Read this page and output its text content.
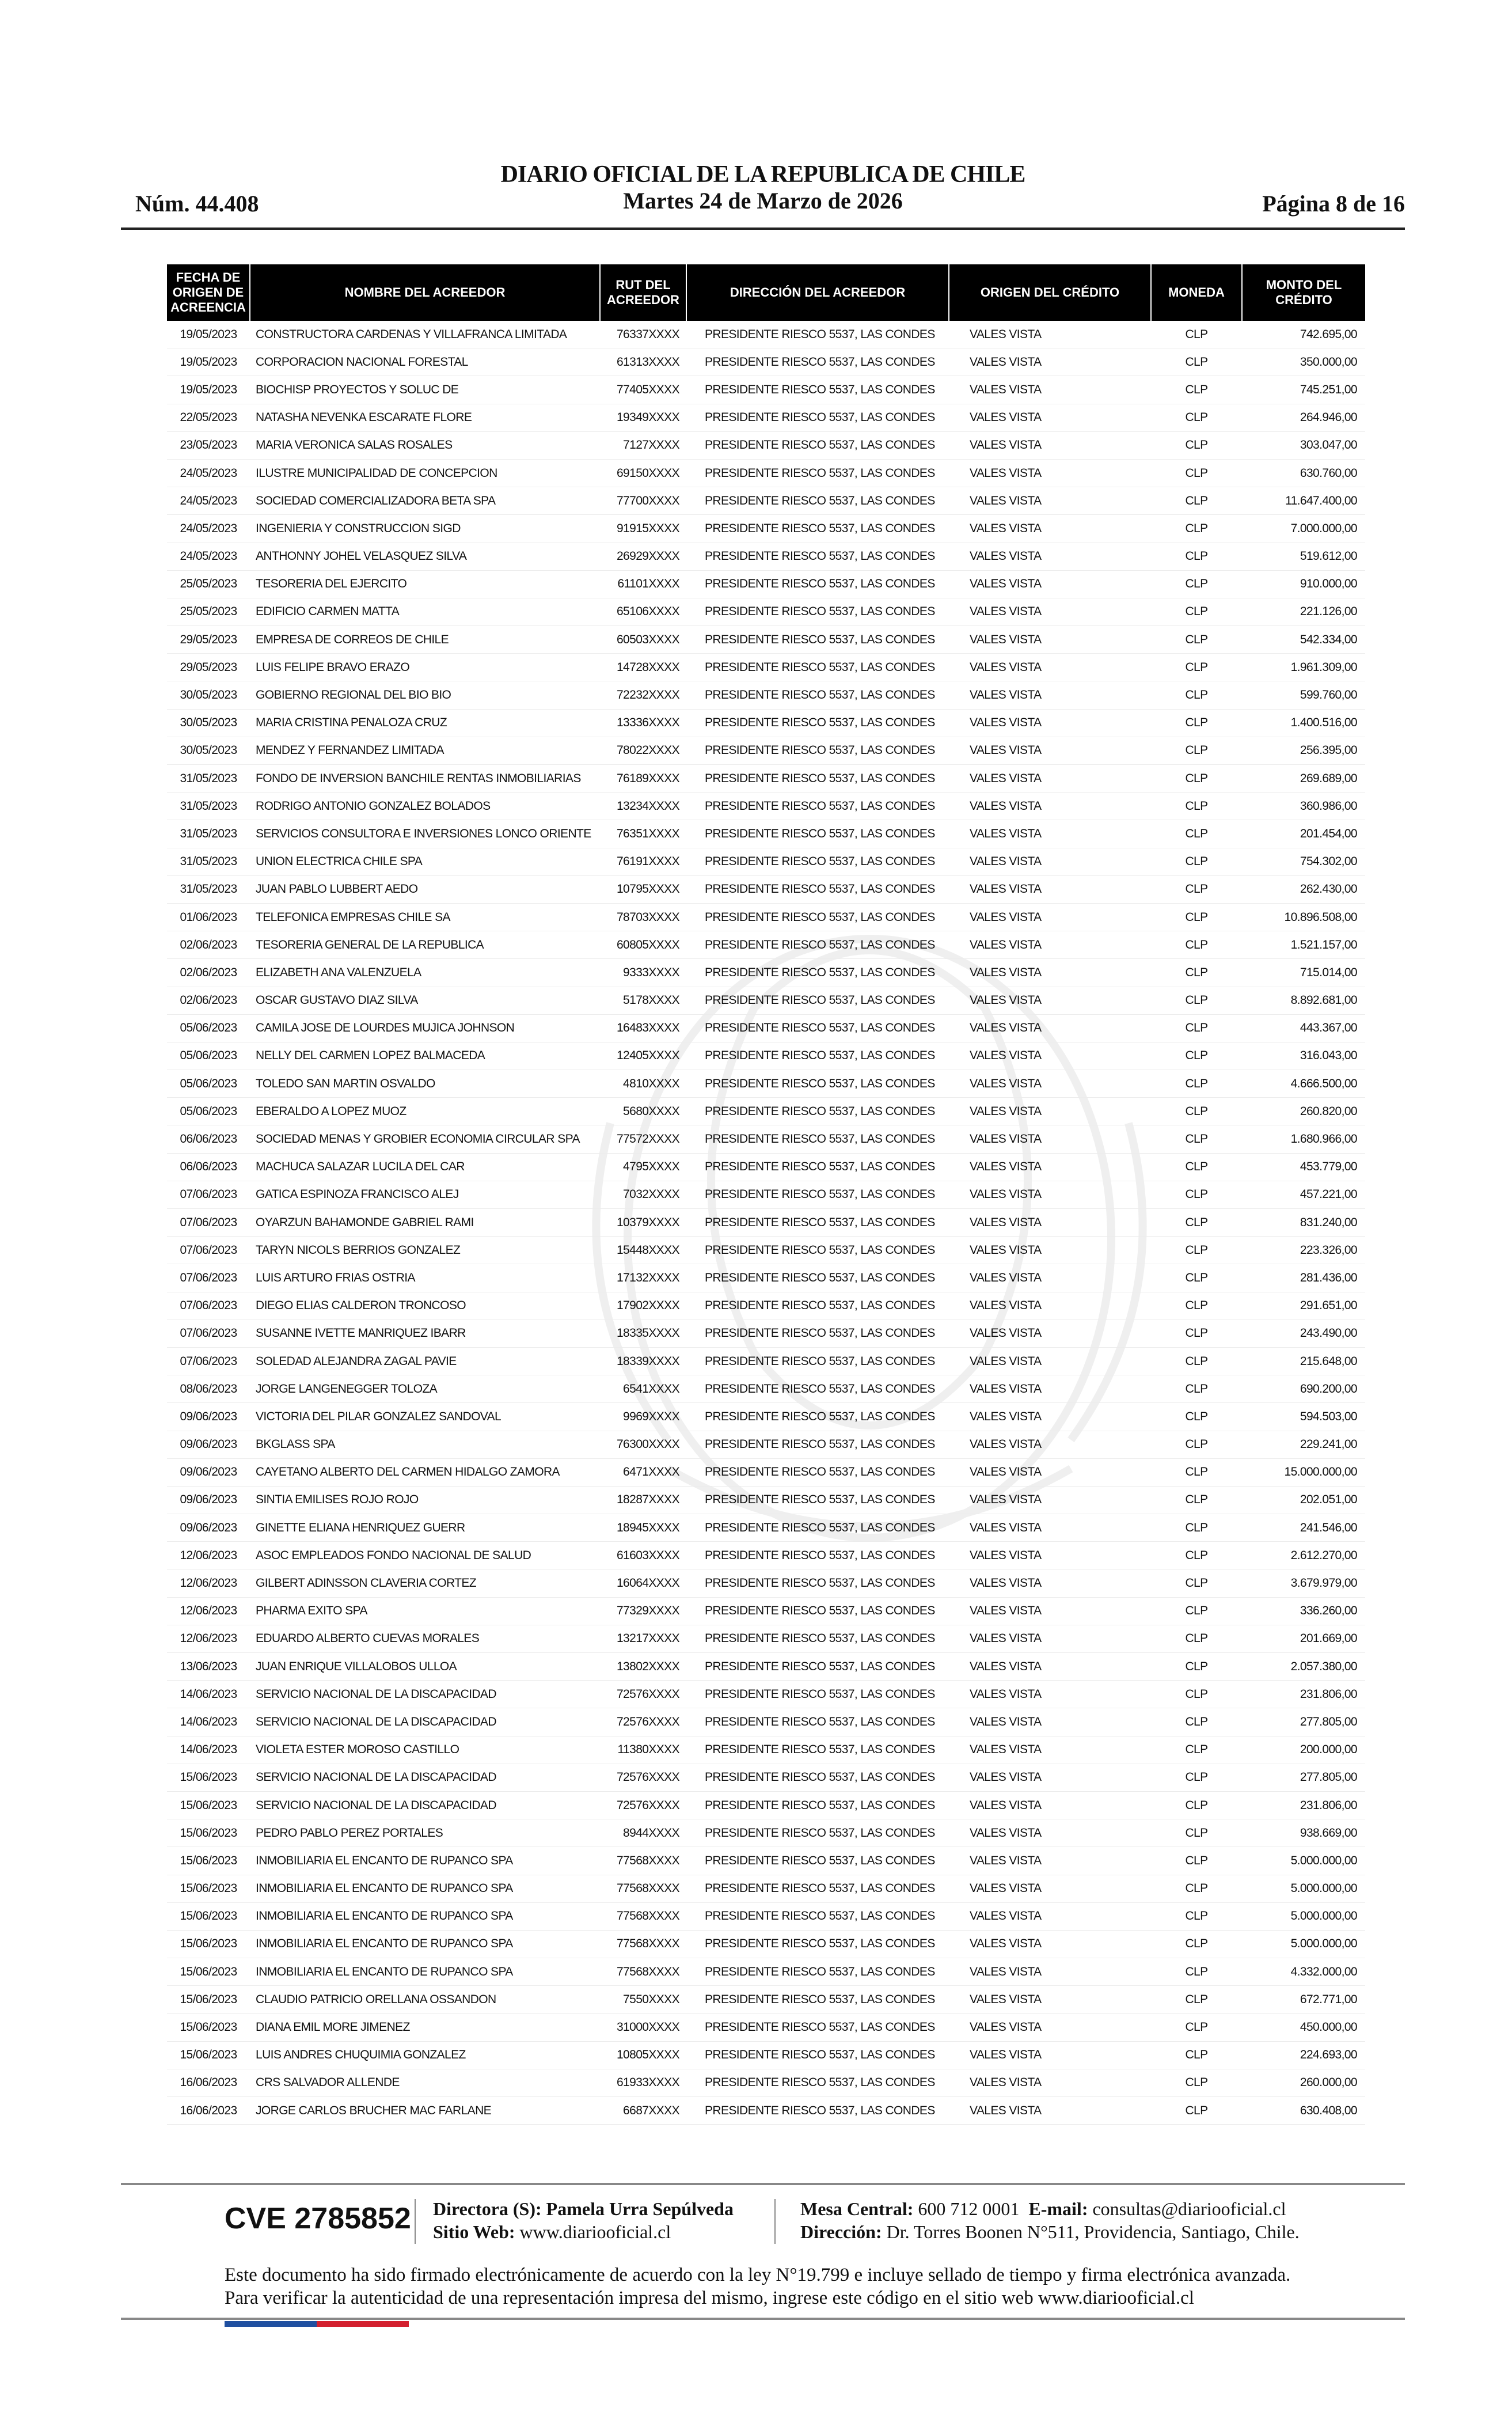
Núm. 44.408
DIARIO OFICIAL DE LA REPUBLICA DE CHILE
Martes 24 de Marzo de 2026	Página 8 de 16
FECHA DE ORIGEN DE ACREENCIA	NOMBRE DEL ACREEDOR	RUT DEL ACREEDOR	DIRECCIÓN DEL ACREEDOR	ORIGEN DEL CRÉDITO	MONEDA	MONTO DEL CRÉDITO
19/05/2023	CONSTRUCTORA CARDENAS Y VILLAFRANCA LIMITADA	76337XXXX	PRESIDENTE RIESCO 5537, LAS CONDES	VALES VISTA	CLP	742.695,00
19/05/2023	CORPORACION NACIONAL FORESTAL	61313XXXX	PRESIDENTE RIESCO 5537, LAS CONDES	VALES VISTA	CLP	350.000,00
19/05/2023	BIOCHISP PROYECTOS Y SOLUC DE	77405XXXX	PRESIDENTE RIESCO 5537, LAS CONDES	VALES VISTA	CLP	745.251,00
22/05/2023	NATASHA NEVENKA ESCARATE FLORE	19349XXXX	PRESIDENTE RIESCO 5537, LAS CONDES	VALES VISTA	CLP	264.946,00
23/05/2023	MARIA VERONICA SALAS ROSALES	7127XXXX	PRESIDENTE RIESCO 5537, LAS CONDES	VALES VISTA	CLP	303.047,00
24/05/2023	ILUSTRE MUNICIPALIDAD DE CONCEPCION	69150XXXX	PRESIDENTE RIESCO 5537, LAS CONDES	VALES VISTA	CLP	630.760,00
24/05/2023	SOCIEDAD COMERCIALIZADORA BETA SPA	77700XXXX	PRESIDENTE RIESCO 5537, LAS CONDES	VALES VISTA	CLP	11.647.400,00
24/05/2023	INGENIERIA Y CONSTRUCCION SIGD	91915XXXX	PRESIDENTE RIESCO 5537, LAS CONDES	VALES VISTA	CLP	7.000.000,00
24/05/2023	ANTHONNY JOHEL VELASQUEZ SILVA	26929XXXX	PRESIDENTE RIESCO 5537, LAS CONDES	VALES VISTA	CLP	519.612,00
25/05/2023	TESORERIA DEL EJERCITO	61101XXXX	PRESIDENTE RIESCO 5537, LAS CONDES	VALES VISTA	CLP	910.000,00
25/05/2023	EDIFICIO CARMEN MATTA	65106XXXX	PRESIDENTE RIESCO 5537, LAS CONDES	VALES VISTA	CLP	221.126,00
29/05/2023	EMPRESA DE CORREOS DE CHILE	60503XXXX	PRESIDENTE RIESCO 5537, LAS CONDES	VALES VISTA	CLP	542.334,00
29/05/2023	LUIS FELIPE BRAVO ERAZO	14728XXXX	PRESIDENTE RIESCO 5537, LAS CONDES	VALES VISTA	CLP	1.961.309,00
30/05/2023	GOBIERNO REGIONAL DEL BIO BIO	72232XXXX	PRESIDENTE RIESCO 5537, LAS CONDES	VALES VISTA	CLP	599.760,00
30/05/2023	MARIA CRISTINA PENALOZA CRUZ	13336XXXX	PRESIDENTE RIESCO 5537, LAS CONDES	VALES VISTA	CLP	1.400.516,00
30/05/2023	MENDEZ Y FERNANDEZ LIMITADA	78022XXXX	PRESIDENTE RIESCO 5537, LAS CONDES	VALES VISTA	CLP	256.395,00
31/05/2023	FONDO DE INVERSION BANCHILE RENTAS INMOBILIARIAS	76189XXXX	PRESIDENTE RIESCO 5537, LAS CONDES	VALES VISTA	CLP	269.689,00
31/05/2023	RODRIGO ANTONIO GONZALEZ BOLADOS	13234XXXX	PRESIDENTE RIESCO 5537, LAS CONDES	VALES VISTA	CLP	360.986,00
31/05/2023	SERVICIOS CONSULTORA E INVERSIONES LONCO ORIENTE	76351XXXX	PRESIDENTE RIESCO 5537, LAS CONDES	VALES VISTA	CLP	201.454,00
31/05/2023	UNION ELECTRICA CHILE SPA	76191XXXX	PRESIDENTE RIESCO 5537, LAS CONDES	VALES VISTA	CLP	754.302,00
31/05/2023	JUAN PABLO LUBBERT AEDO	10795XXXX	PRESIDENTE RIESCO 5537, LAS CONDES	VALES VISTA	CLP	262.430,00
01/06/2023	TELEFONICA EMPRESAS CHILE SA	78703XXXX	PRESIDENTE RIESCO 5537, LAS CONDES	VALES VISTA	CLP	10.896.508,00
02/06/2023	TESORERIA GENERAL DE LA REPUBLICA	60805XXXX	PRESIDENTE RIESCO 5537, LAS CONDES	VALES VISTA	CLP	1.521.157,00
02/06/2023	ELIZABETH ANA VALENZUELA	9333XXXX	PRESIDENTE RIESCO 5537, LAS CONDES	VALES VISTA	CLP	715.014,00
02/06/2023	OSCAR GUSTAVO DIAZ SILVA	5178XXXX	PRESIDENTE RIESCO 5537, LAS CONDES	VALES VISTA	CLP	8.892.681,00
05/06/2023	CAMILA JOSE DE LOURDES MUJICA JOHNSON	16483XXXX	PRESIDENTE RIESCO 5537, LAS CONDES	VALES VISTA	CLP	443.367,00
05/06/2023	NELLY DEL CARMEN LOPEZ BALMACEDA	12405XXXX	PRESIDENTE RIESCO 5537, LAS CONDES	VALES VISTA	CLP	316.043,00
05/06/2023	TOLEDO SAN MARTIN OSVALDO	4810XXXX	PRESIDENTE RIESCO 5537, LAS CONDES	VALES VISTA	CLP	4.666.500,00
05/06/2023	EBERALDO A LOPEZ MUOZ	5680XXXX	PRESIDENTE RIESCO 5537, LAS CONDES	VALES VISTA	CLP	260.820,00
06/06/2023	SOCIEDAD MENAS Y GROBIER ECONOMIA CIRCULAR SPA	77572XXXX	PRESIDENTE RIESCO 5537, LAS CONDES	VALES VISTA	CLP	1.680.966,00
06/06/2023	MACHUCA SALAZAR LUCILA DEL CAR	4795XXXX	PRESIDENTE RIESCO 5537, LAS CONDES	VALES VISTA	CLP	453.779,00
07/06/2023	GATICA ESPINOZA FRANCISCO ALEJ	7032XXXX	PRESIDENTE RIESCO 5537, LAS CONDES	VALES VISTA	CLP	457.221,00
07/06/2023	OYARZUN BAHAMONDE GABRIEL RAMI	10379XXXX	PRESIDENTE RIESCO 5537, LAS CONDES	VALES VISTA	CLP	831.240,00
07/06/2023	TARYN NICOLS BERRIOS GONZALEZ	15448XXXX	PRESIDENTE RIESCO 5537, LAS CONDES	VALES VISTA	CLP	223.326,00
07/06/2023	LUIS ARTURO FRIAS OSTRIA	17132XXXX	PRESIDENTE RIESCO 5537, LAS CONDES	VALES VISTA	CLP	281.436,00
07/06/2023	DIEGO ELIAS CALDERON TRONCOSO	17902XXXX	PRESIDENTE RIESCO 5537, LAS CONDES	VALES VISTA	CLP	291.651,00
07/06/2023	SUSANNE IVETTE MANRIQUEZ IBARR	18335XXXX	PRESIDENTE RIESCO 5537, LAS CONDES	VALES VISTA	CLP	243.490,00
07/06/2023	SOLEDAD ALEJANDRA ZAGAL PAVIE	18339XXXX	PRESIDENTE RIESCO 5537, LAS CONDES	VALES VISTA	CLP	215.648,00
08/06/2023	JORGE LANGENEGGER TOLOZA	6541XXXX	PRESIDENTE RIESCO 5537, LAS CONDES	VALES VISTA	CLP	690.200,00
09/06/2023	VICTORIA DEL PILAR GONZALEZ SANDOVAL	9969XXXX	PRESIDENTE RIESCO 5537, LAS CONDES	VALES VISTA	CLP	594.503,00
09/06/2023	BKGLASS SPA	76300XXXX	PRESIDENTE RIESCO 5537, LAS CONDES	VALES VISTA	CLP	229.241,00
09/06/2023	CAYETANO ALBERTO DEL CARMEN HIDALGO ZAMORA	6471XXXX	PRESIDENTE RIESCO 5537, LAS CONDES	VALES VISTA	CLP	15.000.000,00
09/06/2023	SINTIA EMILISES ROJO ROJO	18287XXXX	PRESIDENTE RIESCO 5537, LAS CONDES	VALES VISTA	CLP	202.051,00
09/06/2023	GINETTE ELIANA HENRIQUEZ GUERR	18945XXXX	PRESIDENTE RIESCO 5537, LAS CONDES	VALES VISTA	CLP	241.546,00
12/06/2023	ASOC EMPLEADOS FONDO NACIONAL DE SALUD	61603XXXX	PRESIDENTE RIESCO 5537, LAS CONDES	VALES VISTA	CLP	2.612.270,00
12/06/2023	GILBERT ADINSSON CLAVERIA CORTEZ	16064XXXX	PRESIDENTE RIESCO 5537, LAS CONDES	VALES VISTA	CLP	3.679.979,00
12/06/2023	PHARMA EXITO SPA	77329XXXX	PRESIDENTE RIESCO 5537, LAS CONDES	VALES VISTA	CLP	336.260,00
12/06/2023	EDUARDO ALBERTO CUEVAS MORALES	13217XXXX	PRESIDENTE RIESCO 5537, LAS CONDES	VALES VISTA	CLP	201.669,00
13/06/2023	JUAN ENRIQUE VILLALOBOS ULLOA	13802XXXX	PRESIDENTE RIESCO 5537, LAS CONDES	VALES VISTA	CLP	2.057.380,00
14/06/2023	SERVICIO NACIONAL DE LA DISCAPACIDAD	72576XXXX	PRESIDENTE RIESCO 5537, LAS CONDES	VALES VISTA	CLP	231.806,00
14/06/2023	SERVICIO NACIONAL DE LA DISCAPACIDAD	72576XXXX	PRESIDENTE RIESCO 5537, LAS CONDES	VALES VISTA	CLP	277.805,00
14/06/2023	VIOLETA ESTER MOROSO CASTILLO	11380XXXX	PRESIDENTE RIESCO 5537, LAS CONDES	VALES VISTA	CLP	200.000,00
15/06/2023	SERVICIO NACIONAL DE LA DISCAPACIDAD	72576XXXX	PRESIDENTE RIESCO 5537, LAS CONDES	VALES VISTA	CLP	277.805,00
15/06/2023	SERVICIO NACIONAL DE LA DISCAPACIDAD	72576XXXX	PRESIDENTE RIESCO 5537, LAS CONDES	VALES VISTA	CLP	231.806,00
15/06/2023	PEDRO PABLO PEREZ PORTALES	8944XXXX	PRESIDENTE RIESCO 5537, LAS CONDES	VALES VISTA	CLP	938.669,00
15/06/2023	INMOBILIARIA EL ENCANTO DE RUPANCO SPA	77568XXXX	PRESIDENTE RIESCO 5537, LAS CONDES	VALES VISTA	CLP	5.000.000,00
15/06/2023	INMOBILIARIA EL ENCANTO DE RUPANCO SPA	77568XXXX	PRESIDENTE RIESCO 5537, LAS CONDES	VALES VISTA	CLP	5.000.000,00
15/06/2023	INMOBILIARIA EL ENCANTO DE RUPANCO SPA	77568XXXX	PRESIDENTE RIESCO 5537, LAS CONDES	VALES VISTA	CLP	5.000.000,00
15/06/2023	INMOBILIARIA EL ENCANTO DE RUPANCO SPA	77568XXXX	PRESIDENTE RIESCO 5537, LAS CONDES	VALES VISTA	CLP	5.000.000,00
15/06/2023	INMOBILIARIA EL ENCANTO DE RUPANCO SPA	77568XXXX	PRESIDENTE RIESCO 5537, LAS CONDES	VALES VISTA	CLP	4.332.000,00
15/06/2023	CLAUDIO PATRICIO ORELLANA OSSANDON	7550XXXX	PRESIDENTE RIESCO 5537, LAS CONDES	VALES VISTA	CLP	672.771,00
15/06/2023	DIANA EMIL MORE JIMENEZ	31000XXXX	PRESIDENTE RIESCO 5537, LAS CONDES	VALES VISTA	CLP	450.000,00
15/06/2023	LUIS ANDRES CHUQUIMIA GONZALEZ	10805XXXX	PRESIDENTE RIESCO 5537, LAS CONDES	VALES VISTA	CLP	224.693,00
16/06/2023	CRS SALVADOR ALLENDE	61933XXXX	PRESIDENTE RIESCO 5537, LAS CONDES	VALES VISTA	CLP	260.000,00
16/06/2023	JORGE CARLOS BRUCHER MAC FARLANE	6687XXXX	PRESIDENTE RIESCO 5537, LAS CONDES	VALES VISTA	CLP	630.408,00
CVE 2785852 Directora (S): Pamela Urra Sepúlveda
Sitio Web: www.diariooficial.cl
Mesa Central: 600 712 0001 E-mail: consultas@diariooficial.cl
Dirección: Dr. Torres Boonen N°511, Providencia, Santiago, Chile.
Este documento ha sido firmado electrónicamente de acuerdo con la ley N°19.799 e incluye sellado de tiempo y firma electrónica avanzada. Para verificar la autenticidad de una representación impresa del mismo, ingrese este código en el sitio web www.diariooficial.cl
